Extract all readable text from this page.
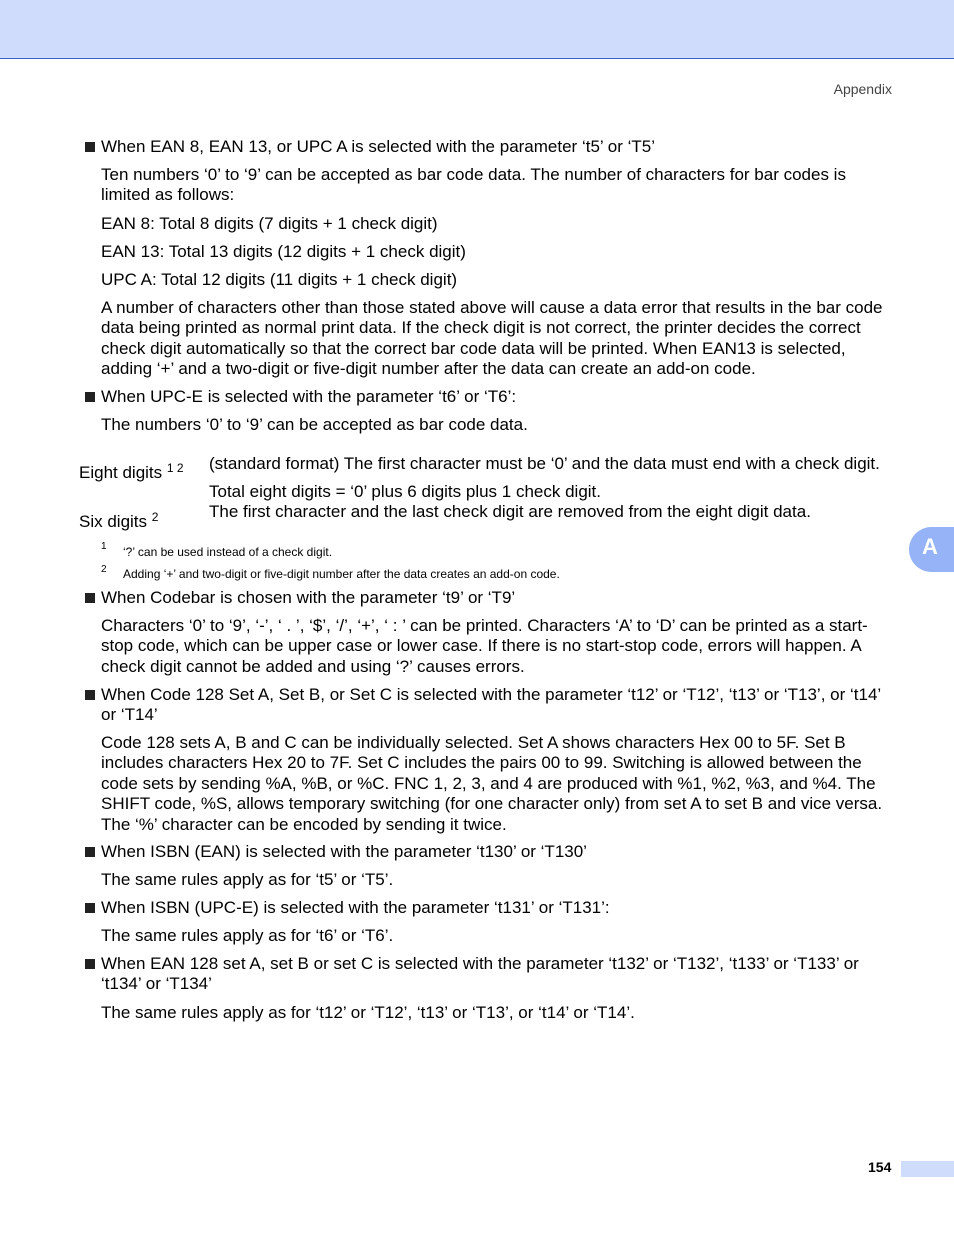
Appendix
When EAN 8, EAN 13, or UPC A is selected with the parameter ‘t5’ or ‘T5’
Ten numbers ‘0’ to ‘9’ can be accepted as bar code data. The number of characters for bar codes is limited as follows:
EAN 8: Total 8 digits (7 digits + 1 check digit)
EAN 13: Total 13 digits (12 digits + 1 check digit)
UPC A: Total 12 digits (11 digits + 1 check digit)
A number of characters other than those stated above will cause a data error that results in the bar code data being printed as normal print data. If the check digit is not correct, the printer decides the correct check digit automatically so that the correct bar code data will be printed. When EAN13 is selected, adding ‘+’ and a two-digit or five-digit number after the data can create an add-on code.
When UPC-E is selected with the parameter ‘t6’ or ‘T6’:
The numbers ‘0’ to ‘9’ can be accepted as bar code data.
Eight digits $^{1 2}$ (standard format) The first character must be ‘0’ and the data must end with a check digit.
Total eight digits = ‘0’ plus 6 digits plus 1 check digit.
Six digits $^2$	The first character and the last check digit are removed from the eight digit data.
1 ‘?’ can be used instead of a check digit.
2 Adding ‘+’ and two-digit or five-digit number after the data creates an add-on code.
When Codebar is chosen with the parameter ‘t9’ or ‘T9’
Characters ‘0’ to ‘9’, ‘-’, ‘ . ’, ‘$’, ‘/’, ‘+’, ‘ : ’ can be printed. Characters ‘A’ to ‘D’ can be printed as a start-stop code, which can be upper case or lower case. If there is no start-stop code, errors will happen. A check digit cannot be added and using ‘?’ causes errors.
When Code 128 Set A, Set B, or Set C is selected with the parameter ‘t12’ or ‘T12’, ‘t13’ or ‘T13’, or ‘t14’ or ‘T14’
Code 128 sets A, B and C can be individually selected. Set A shows characters Hex 00 to 5F. Set B includes characters Hex 20 to 7F. Set C includes the pairs 00 to 99. Switching is allowed between the code sets by sending %A, %B, or %C. FNC 1, 2, 3, and 4 are produced with %1, %2, %3, and %4. The SHIFT code, %S, allows temporary switching (for one character only) from set A to set B and vice versa. The ‘%’ character can be encoded by sending it twice.
When ISBN (EAN) is selected with the parameter ‘t130’ or ‘T130’
The same rules apply as for ‘t5’ or ‘T5’.
When ISBN (UPC-E) is selected with the parameter ‘t131’ or ‘T131’:
The same rules apply as for ‘t6’ or ‘T6’.
When EAN 128 set A, set B or set C is selected with the parameter ‘t132’ or ‘T132’, ‘t133’ or ‘T133’ or ‘t134’ or ‘T134’
The same rules apply as for ‘t12’ or ‘T12’, ‘t13’ or ‘T13’, or ‘t14’ or ‘T14’.
A
154
